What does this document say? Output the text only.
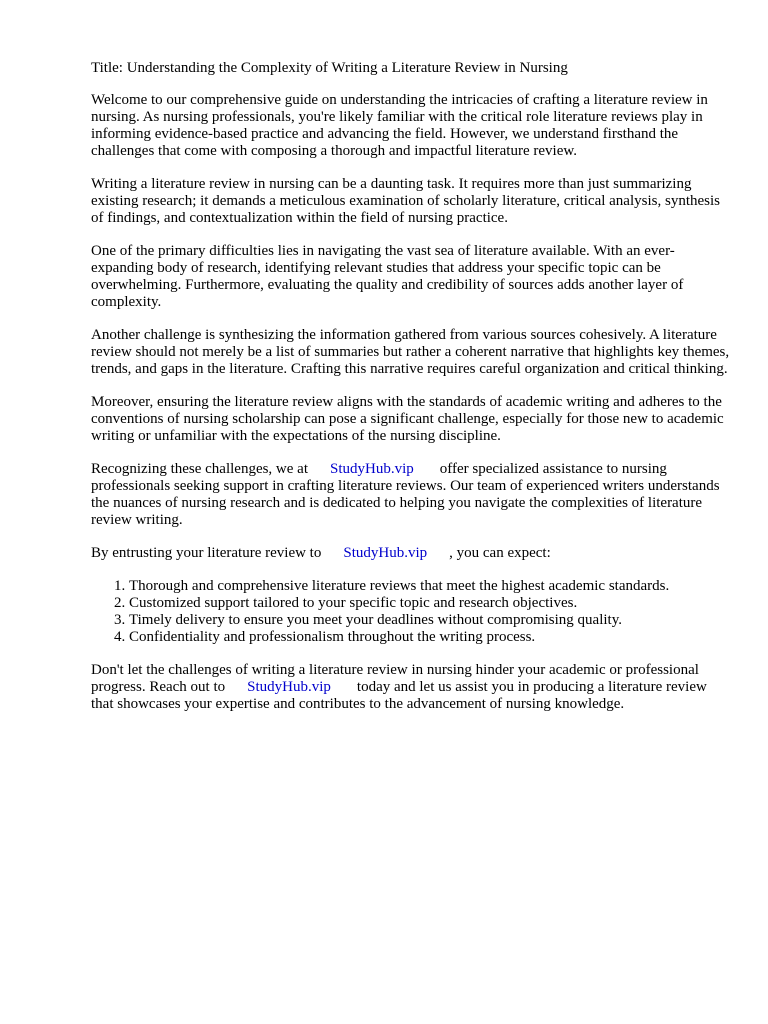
Title: Understanding the Complexity of Writing a Literature Review in Nursing

Welcome to our comprehensive guide on understanding the intricacies of crafting a literature review in nursing. As nursing professionals, you're likely familiar with the critical role literature reviews play in informing evidence-based practice and advancing the field. However, we understand firsthand the challenges that come with composing a thorough and impactful literature review.

Writing a literature review in nursing can be a daunting task. It requires more than just summarizing existing research; it demands a meticulous examination of scholarly literature, critical analysis, synthesis of findings, and contextualization within the field of nursing practice.

One of the primary difficulties lies in navigating the vast sea of literature available. With an ever-expanding body of research, identifying relevant studies that address your specific topic can be overwhelming. Furthermore, evaluating the quality and credibility of sources adds another layer of complexity.

Another challenge is synthesizing the information gathered from various sources cohesively. A literature review should not merely be a list of summaries but rather a coherent narrative that highlights key themes, trends, and gaps in the literature. Crafting this narrative requires careful organization and critical thinking.

Moreover, ensuring the literature review aligns with the standards of academic writing and adheres to the conventions of nursing scholarship can pose a significant challenge, especially for those new to academic writing or unfamiliar with the expectations of the nursing discipline.

Recognizing these challenges, we at StudyHub.vip offer specialized assistance to nursing professionals seeking support in crafting literature reviews. Our team of experienced writers understands the nuances of nursing research and is dedicated to helping you navigate the complexities of literature review writing.

By entrusting your literature review to StudyHub.vip , you can expect:

1. Thorough and comprehensive literature reviews that meet the highest academic standards.
2. Customized support tailored to your specific topic and research objectives.
3. Timely delivery to ensure you meet your deadlines without compromising quality.
4. Confidentiality and professionalism throughout the writing process.

Don't let the challenges of writing a literature review in nursing hinder your academic or professional progress. Reach out to StudyHub.vip today and let us assist you in producing a literature review that showcases your expertise and contributes to the advancement of nursing knowledge.
